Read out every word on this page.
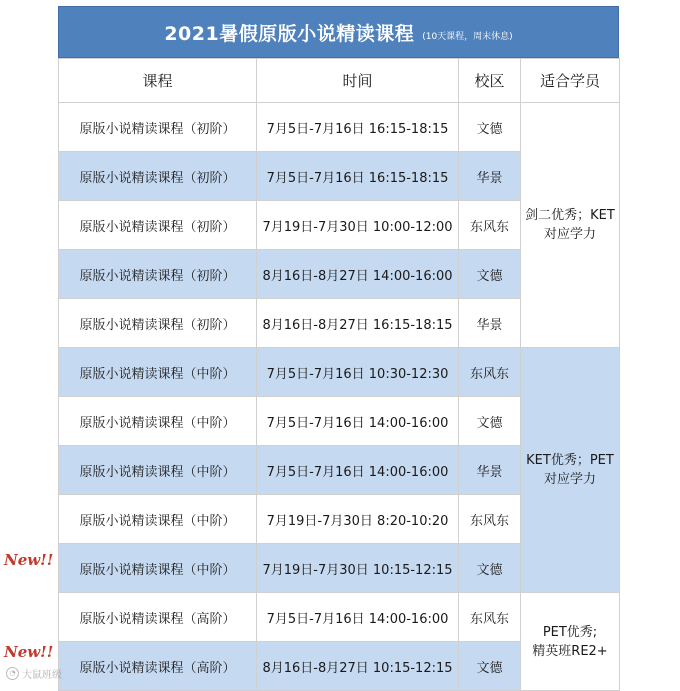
2021暑假原版小说精读课程 (10天课程，周末休息)
课程	时间	校区	适合学员
原版小说精读课程（初阶）	7月5日-7月16日 16:15-18:15	文德	剑二优秀；KET
对应学力

原版小说精读课程（初阶）	7月5日-7月16日 16:15-18:15	华景	
原版小说精读课程（初阶）	7月19日-7月30日 10:00-12:00	东风东	
原版小说精读课程（初阶）	8月16日-8月27日 14:00-16:00	文德	
原版小说精读课程（初阶）	8月16日-8月27日 16:15-18:15	华景	
原版小说精读课程（中阶）	7月5日-7月16日 10:30-12:30	东风东	KET优秀；PET
对应学力

原版小说精读课程（中阶）	7月5日-7月16日 14:00-16:00	文德	
原版小说精读课程（中阶）	7月5日-7月16日 14:00-16:00	华景	
原版小说精读课程（中阶）	7月19日-7月30日 8:20-10:20	东风东	
原版小说精读课程（中阶）	7月19日-7月30日 10:15-12:15	文德	
原版小说精读课程（高阶）	7月5日-7月16日 14:00-16:00	东风东	PET优秀;
精英班RE2+

原版小说精读课程（高阶）	8月16日-8月27日 10:15-12:15	文德	
New!!
New!!
◔ 大鼠班级
